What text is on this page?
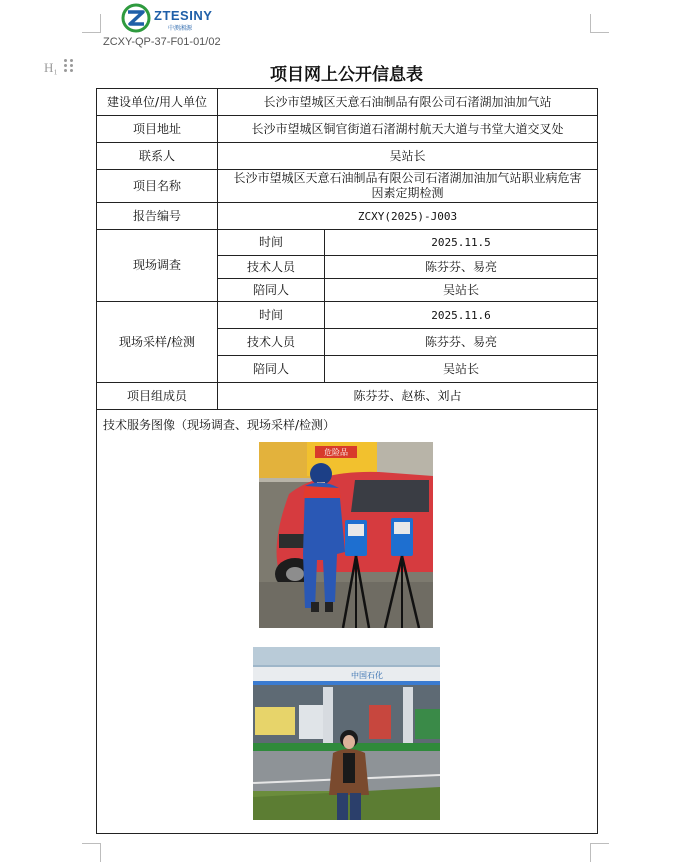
ZTESINY
中测湘源
ZCXY-QP-37-F01-01/02
H₁	项目网上公开信息表
建设单位/用人单位	长沙市望城区天意石油制品有限公司石渚湖加油加气站	
项目地址	长沙市望城区铜官街道石渚湖村航天大道与书堂大道交叉处	
联系人	吴站长	
项目名称	长沙市望城区天意石油制品有限公司石渚湖加油加气站职业病危害因素定期检测	
报告编号	ZCXY(2025)-J003	
现场调查	时间	2025.11.5
	技术人员	陈芬芬、易亮
	陪同人	吴站长
现场采样/检测	时间	2025.11.6
	技术人员	陈芬芬、易亮
	陪同人	吴站长
项目组成员	陈芬芬、赵栋、刘占	

技术服务图像（现场调查、现场采样/检测）
危险品
中国石化		
